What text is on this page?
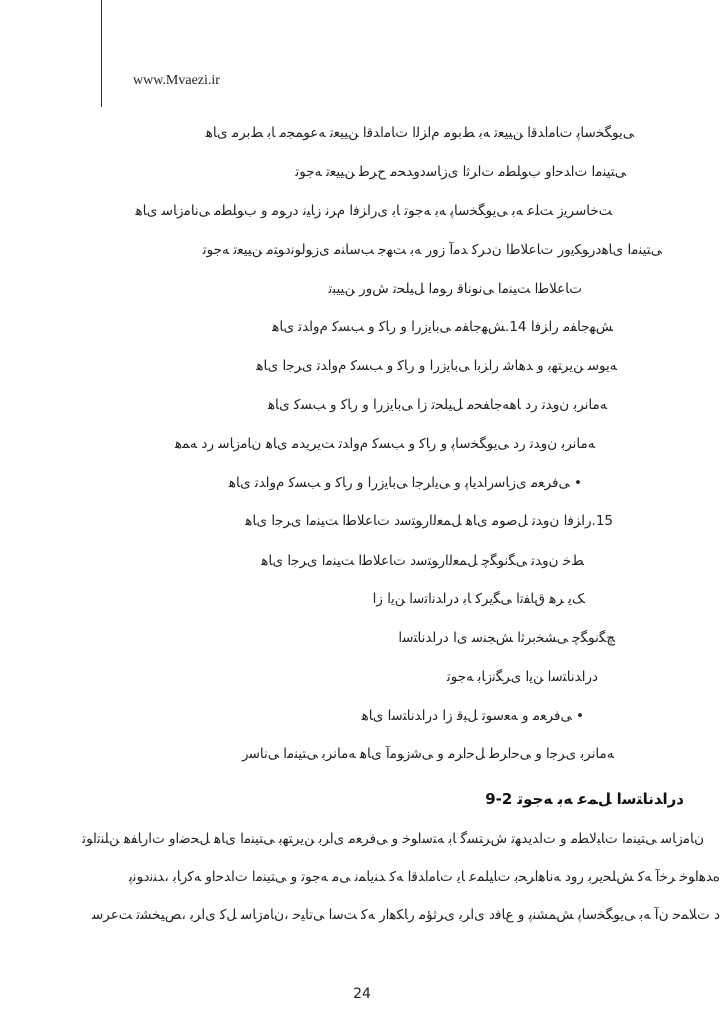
www.Mvaezi.ir
ﯽﯾﻮﮕﺨﺳﺎﭘ ﺕﺎﻣﺍﺪﻗﺍ ﻦﯿﯿﻌﺗ ﻪﺑ ﻂﺑﻮﻣ ﻡﺍﺰﻟﺍ ﺕﺎﻣﺍﺪﻗﺍ ﻦﯿﯿﻌﺗ ﻪﻋﻮﻤﺠﻣ ﺎﺑ ﻂﺑﺮﻣ ﯼﺎﻫ
ﯽﺘﯿﻨﻣﺍ ﺕﺍﺪﺣﺍﻭ ﺏﻮﻠﻄﻣ ﺕﺍﺮﺛﺍ ﯼﺯﺎﺳﺩﻭﺪﺤﻣ ﺡﺮﻃ ﻦﯿﯿﻌﺗ ﻪﺟﻮﺗ
ﺖﺧﺎﺳﺮﯾﺯ ﺖﻠﻋ ﻪﺑ ﯽﯾﻮﮕﺨﺳﺎﭘ ﻪﺑ ﻪﺟﻮﺗ ﺎﺑ ﯼﺭﺍﺰﻓﺍ ﻡﺮﻧ ﺯﺎﯿﻧ ﺩﺭﻮﻣ ﻭ ﺏﻮﻠﻄﻣ ﯽﻧﺎﻣﺯﺎﺳ ﯼﺎﻫ
ﯽﺘﯿﻨﻣﺍ ﯼﺎﻫﺩﺭﻮﮑﯾﻭﺭ ﺕﺎﻋﻼﻃﺍ ﻥﺩﺮﮐ ﺪﻣﺁ ﺯﻭﺭ ﻪﺑ ﺖﻬﺟ ﺐﺳﺎﻨﻣ ﯼﺯﻮﻟﻮﻧﺩﻮﺘﻣ ﻦﯿﯿﻌﺗ ﻪﺟﻮﺗ
ﺕﺎﻋﻼﻃﺍ ﺖﯿﻨﻣﺍ ﯽﻧﻮﻧﺎﻗ ﺭﻮﻣﺍ ﻞﯿﻠﺤﺗ ﺵﻭﺭ ﻦﯿﯿﺒﺗ
ﺶﻬﺟﺎﻔﻣ ﺭﺍﺰﻓﺍ 14.ﺶﻬﺟﺎﻔﻣ ﯽﺑﺎﯾﺯﺭﺍ ﻭ ﺭﺎﮐ ﻭ ﺐﺴﮐ ﻡﻭﺍﺪﺗ ﯼﺎﻫ
ﻪﯾﻮﺳ ﻦﯾﺮﺘﻬﺑ ﻭ ﺪﻫﺎﺷ ﺭﺍﺰﺑﺍ ﯽﺑﺎﯾﺯﺭﺍ ﻭ ﺭﺎﮐ ﻭ ﺐﺴﮐ ﻡﻭﺍﺪﺗ ﯼﺮﺟﺍ ﯼﺎﻫ
ﻪﻣﺎﻧﺮﺑ ﻥﻭﺪﺗ ﺭﺩ ﺎﻫﻪﺟﺎﻔﺤﻣ ﻞﯿﻠﺤﺗ ﺯﺍ ﯽﺑﺎﯾﺯﺭﺍ ﻭ ﺭﺎﮐ ﻭ ﺐﺴﮐ ﯼﺎﻫ
ﻪﻣﺎﻧﺮﺑ ﻥﻭﺪﺗ ﺭﺩ ﯽﯾﻮﮕﺨﺳﺎﭘ ﻭ ﺭﺎﮐ ﻭ ﺐﺴﮐ ﻡﻭﺍﺪﺗ ﺖﯾﺮﯾﺪﻣ ﯼﺎﻫ ﻥﺎﻣﺯﺎﺳ ﺭﺩ ﻪﻤﻫ
• ﯽﻓﺮﻌﻣ ﯼﺯﺎﺳﺭﺍﺪﯾﺎﭘ ﻭ ﯽﯾﺍﺮﺟﺍ ﯽﺑﺎﯾﺯﺭﺍ ﻭ ﺭﺎﮐ ﻭ ﺐﺴﮐ ﻡﻭﺍﺪﺗ ﯼﺎﻫ
15.ﺭﺍﺰﻓﺍ ﻥﻭﺪﺗ ﻞﺻﻮﻣ ﯼﺎﻫ ﻞﻤﻌﻟﺍﺭﻮﺘﺳﺩ ﺕﺎﻋﻼﻃﺍ ﺖﯿﻨﻣﺍ ﯼﺮﺟﺍ ﯼﺎﻫ
ﻂﺧ ﻥﻭﺪﺗ ﯽﮕﻧﻮﮕﭼ ﻞﻤﻌﻟﺍﺭﻮﺘﺳﺩ ﺕﺎﻋﻼﻃﺍ ﺖﯿﻨﻣﺍ ﯼﺮﺟﺍ ﯼﺎﻫ
ﮏﯾ ﺮﻫ ﻕﺎﻔﺗﺍ ﯽﮕﯾﺮﮐ ﺎﺑ ﺩﺭﺍﺪﻧﺍﺗﺳﺍ ﻦﯾﺍ ﺯﺍ
ﭻﮕﻧﻮﮕﭼ ﯽﺸﺨﺑﺮﺛﺍ ﺶﺠﻨﺳ ﯼﺍ ﺩﺭﺍﺪﻧﺎﺘﺳﺍ
ﺩﺭﺍﺪﻧﺎﺘﺳﺍ ﻦﯾﺍ ﯼﺮﮕﻧﺯﺎﺑ ﻪﺟﻮﺗ
• ﯽﻓﺮﻌﻣ ﻭ ﻪﻌﺳﻮﺗ ﻞﺒﻗ ﺯﺍ ﺩﺭﺍﺪﻧﺎﺘﺳﺍ ﯼﺎﻫ
ﻪﻣﺎﻧﺮﺑ ﯼﺮﺟﺍ ﻭ ﯽﺣﺍﺮﻃ ﻞﺣﺍﺮﻣ ﻭ ﯽﺷﺯﻮﻣﺁ ﯼﺎﻫ ﻪﻣﺎﻧﺮﺑ ﯽﺘﯿﻨﻣﺍ ﯽﻧﺎﺳﺭ
ﺩﺭﺍﺪﻧﺎﺘﺳﺍ ﻞﻤﻋ ﻪﺑ ﻪﺟﻮﺗ 2-9
ﻥﺎﻣﺯﺎﺳ ﯽﺘﯿﻨﻣﺍ ﺕﺎﺒﻟﺎﻄﻣ ﻭ ﺕﺍﺪﯾﺪﻬﺗ ﺵﺮﺘﺴﮔ ﺎﺑ ﻪﺘﺳﺍﻮﺧ ﻭ ﯽﻓﺮﻌﻣ ﯼﺍﺮﺑ ﻦﯾﺮﺘﻬﺑ ﯽﺘﯿﻨﻣﺍ ﯼﺎﻫ ﻞﺤﺿﺍﻭ ﺕﺍﺭﺎﻔﻫ ﻦﻠﻨﺗﺍﻮﺗ
ﻩﺪﻫﺍﻮﺧ ﺮﺧﺁ ﻪﮐ ﺶﻠﺤﯾﺮﺑ ﺭﻭﺩ ﻪﻧﺎﻫﺍﺮﺤﺑ ﺕﺎﯿﻠﻤﻋ ﺎﯾ ﺕﺎﻣﺍﺪﻗﺍ ﻪﮐ ﺪﻨﯾﺎﻤﻧ ﯽﻣ ﻪﺟﻮﺗ ﻭ ﯽﺘﯿﻨﻣﺍ ﺕﺍﺪﺣﺍﻭ ﻪﮐﺭﺎﺑ ،ﺪﻨﻧﺩﻮﻧﭘ
ﺩ ﺕﻼﻤﺣ ﻥﺁ ﻪﺑ ﯽﯾﻮﮕﺨﺳﺎﭘ ﺶﻤﺸﻨﭘ ﻭ ﻉﺎﻓﺩ ﯼﺍﺮﺑ ﯼﺮﺛﺆﻣ ﺭﺎﮑﻫﺍﺭ ﻪﮐ ﺖﺳﺍ ﯽﺗﺎﯿﺣ ،ﻥﺎﻣﺯﺎﺳ ﻞﮐ ﯼﺍﺮﺑ ،ﺺﯿﺨﺸﺗ ﺖﻋﺮﺳ
24
